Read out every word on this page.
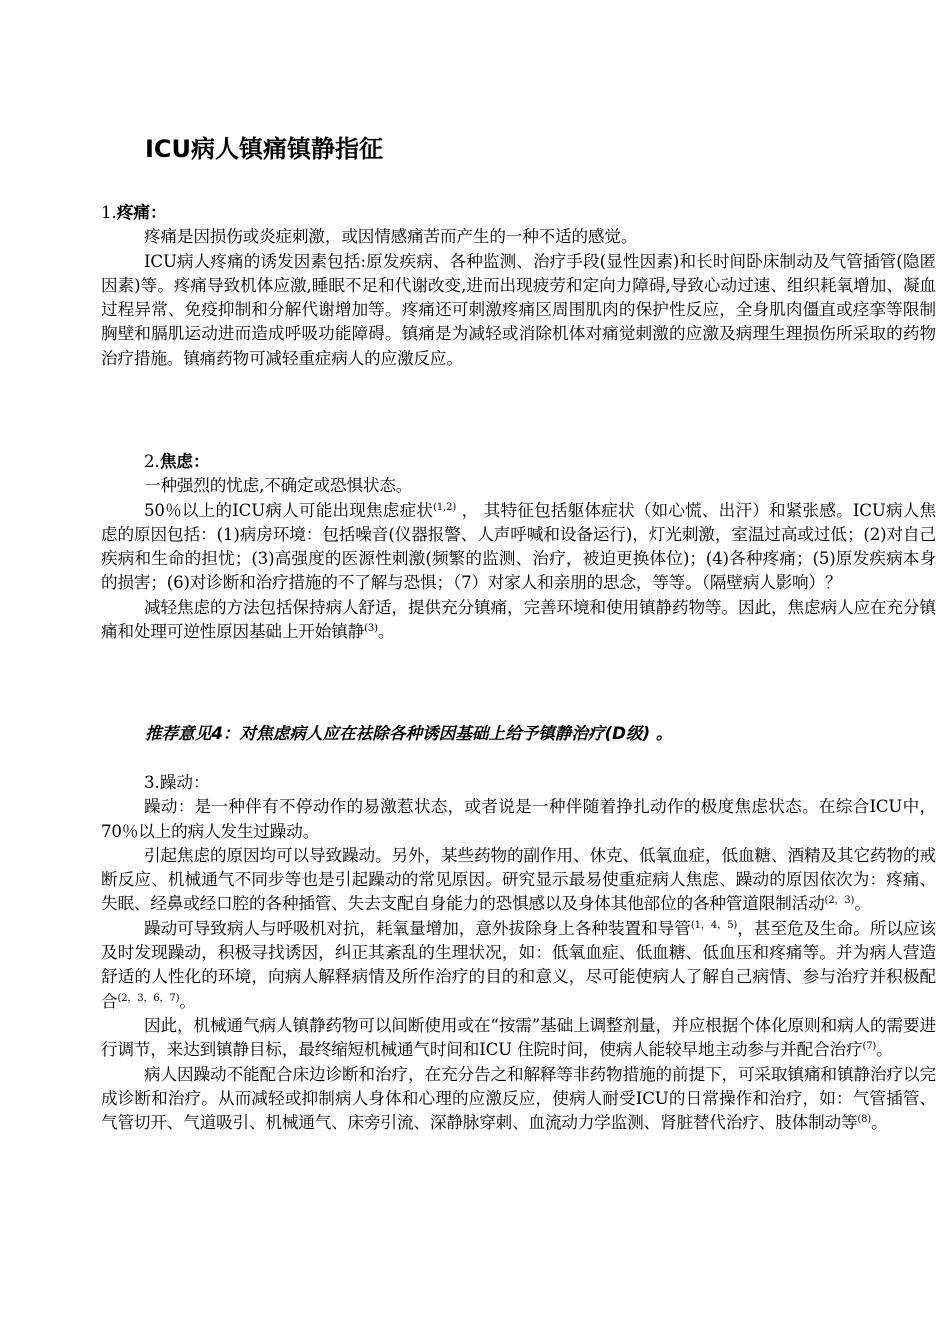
ICU病人镇痛镇静指征

1.疼痛：

疼痛是因损伤或炎症刺激，或因情感痛苦而产生的一种不适的感觉。

ICU病人疼痛的诱发因素包括:原发疾病、各种监测、治疗手段(显性因素)和长时间卧床制动及气管插管(隐匿因素)等。疼痛导致机体应激,睡眠不足和代谢改变,进而出现疲劳和定向力障碍,导致心动过速、组织耗氧增加、凝血过程异常、免疫抑制和分解代谢增加等。疼痛还可刺激疼痛区周围肌肉的保护性反应，全身肌肉僵直或痉挛等限制胸壁和膈肌运动进而造成呼吸功能障碍。镇痛是为减轻或消除机体对痛觉刺激的应激及病理生理损伤所采取的药物治疗措施。镇痛药物可减轻重症病人的应激反应。

2.焦虑：

一种强烈的忧虑,不确定或恐惧状态。

50％以上的ICU病人可能出现焦虑症状$^{(1,2)}$ ， 其特征包括躯体症状（如心慌、出汗）和紧张感。ICU病人焦虑的原因包括：(1)病房环境：包括噪音(仪器报警、人声呼喊和设备运行)，灯光刺激，室温过高或过低；(2)对自己疾病和生命的担忧；(3)高强度的医源性刺激(频繁的监测、治疗，被迫更换体位)；(4)各种疼痛；(5)原发疾病本身的损害；(6)对诊断和治疗措施的不了解与恐惧；（7）对家人和亲朋的思念，等等。（隔壁病人影响）？

减轻焦虑的方法包括保持病人舒适，提供充分镇痛，完善环境和使用镇静药物等。因此，焦虑病人应在充分镇痛和处理可逆性原因基础上开始镇静$^{(3)}$。

推荐意见4：对焦虑病人应在祛除各种诱因基础上给予镇静治疗(D级) 。

3.躁动：

躁动：是一种伴有不停动作的易激惹状态，或者说是一种伴随着挣扎动作的极度焦虑状态。在综合ICU中，70％以上的病人发生过躁动。

引起焦虑的原因均可以导致躁动。另外，某些药物的副作用、休克、低氧血症，低血糖、酒精及其它药物的戒断反应、机械通气不同步等也是引起躁动的常见原因。研究显示最易使重症病人焦虑、躁动的原因依次为：疼痛、失眠、经鼻或经口腔的各种插管、失去支配自身能力的恐惧感以及身体其他部位的各种管道限制活动$^{(2,3)}$。

躁动可导致病人与呼吸机对抗，耗氧量增加，意外拔除身上各种装置和导管$^{(1,4,5)}$，甚至危及生命。所以应该及时发现躁动，积极寻找诱因，纠正其紊乱的生理状况，如：低氧血症、低血糖、低血压和疼痛等。并为病人营造舒适的人性化的环境，向病人解释病情及所作治疗的目的和意义，尽可能使病人了解自己病情、参与治疗并积极配合$^{(2,3,6,7)}$。

因此，机械通气病人镇静药物可以间断使用或在“按需”基础上调整剂量，并应根据个体化原则和病人的需要进行调节，来达到镇静目标，最终缩短机械通气时间和ICU 住院时间，使病人能较早地主动参与并配合治疗$^{(7)}$。

病人因躁动不能配合床边诊断和治疗，在充分告之和解释等非药物措施的前提下，可采取镇痛和镇静治疗以完成诊断和治疗。从而减轻或抑制病人身体和心理的应激反应，使病人耐受ICU的日常操作和治疗，如：气管插管、气管切开、气道吸引、机械通气、床旁引流、深静脉穿刺、血流动力学监测、肾脏替代治疗、肢体制动等$^{(8)}$。
